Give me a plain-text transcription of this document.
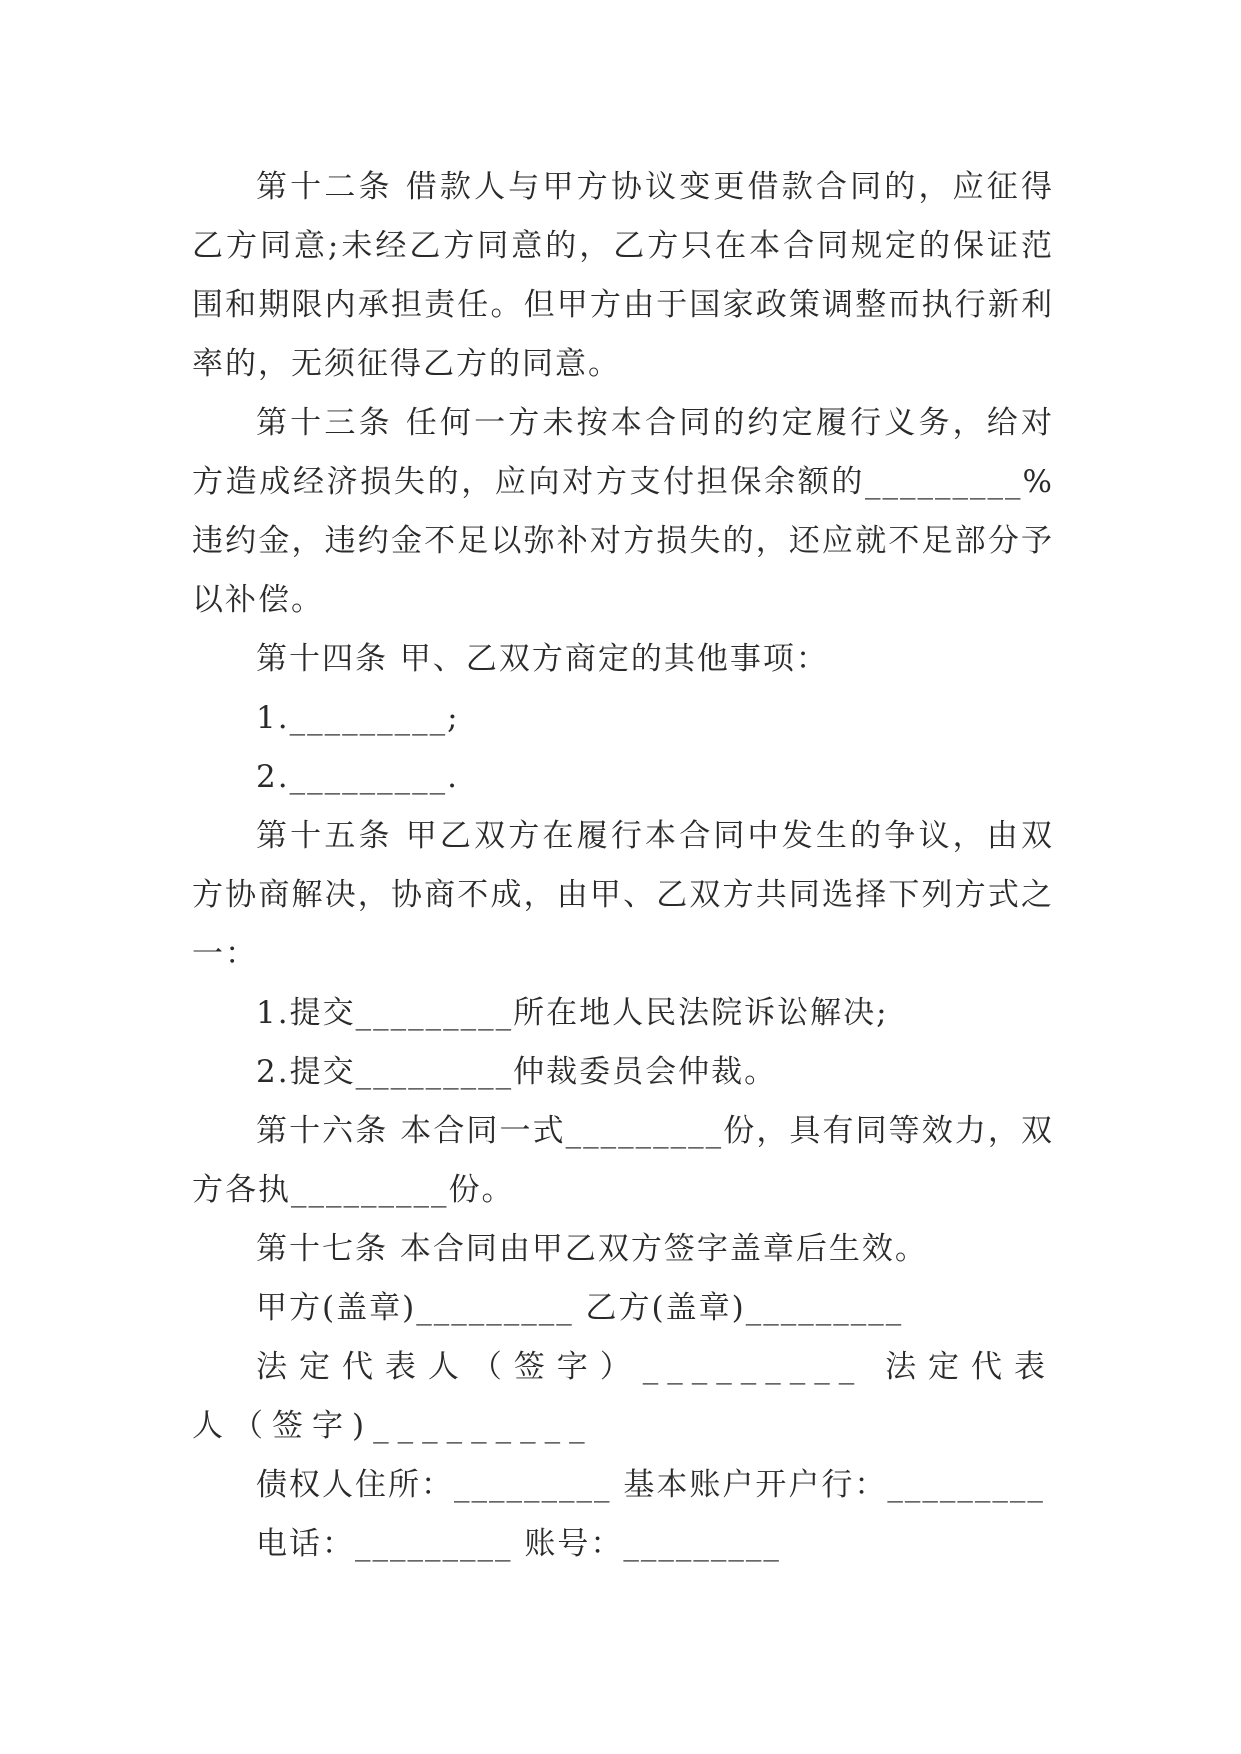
第十二条 借款人与甲方协议变更借款合同的，应征得乙方同意;未经乙方同意的，乙方只在本合同规定的保证范围和期限内承担责任。但甲方由于国家政策调整而执行新利率的，无须征得乙方的同意。

第十三条 任何一方未按本合同的约定履行义务，给对方造成经济损失的，应向对方支付担保余额的_________%违约金，违约金不足以弥补对方损失的，还应就不足部分予以补偿。

第十四条 甲、乙双方商定的其他事项：

1._________;

2._________.

第十五条 甲乙双方在履行本合同中发生的争议，由双方协商解决，协商不成，由甲、乙双方共同选择下列方式之一：

1.提交_________所在地人民法院诉讼解决;

2.提交_________仲裁委员会仲裁。

第十六条 本合同一式_________份，具有同等效力，双方各执_________份。

第十七条 本合同由甲乙双方签字盖章后生效。

甲方(盖章)_________ 乙方(盖章)_________

法定代表人（签字）_________ 法定代表人（签字)_________

债权人住所：_________ 基本账户开户行：_________

电话：_________ 账号：_________
